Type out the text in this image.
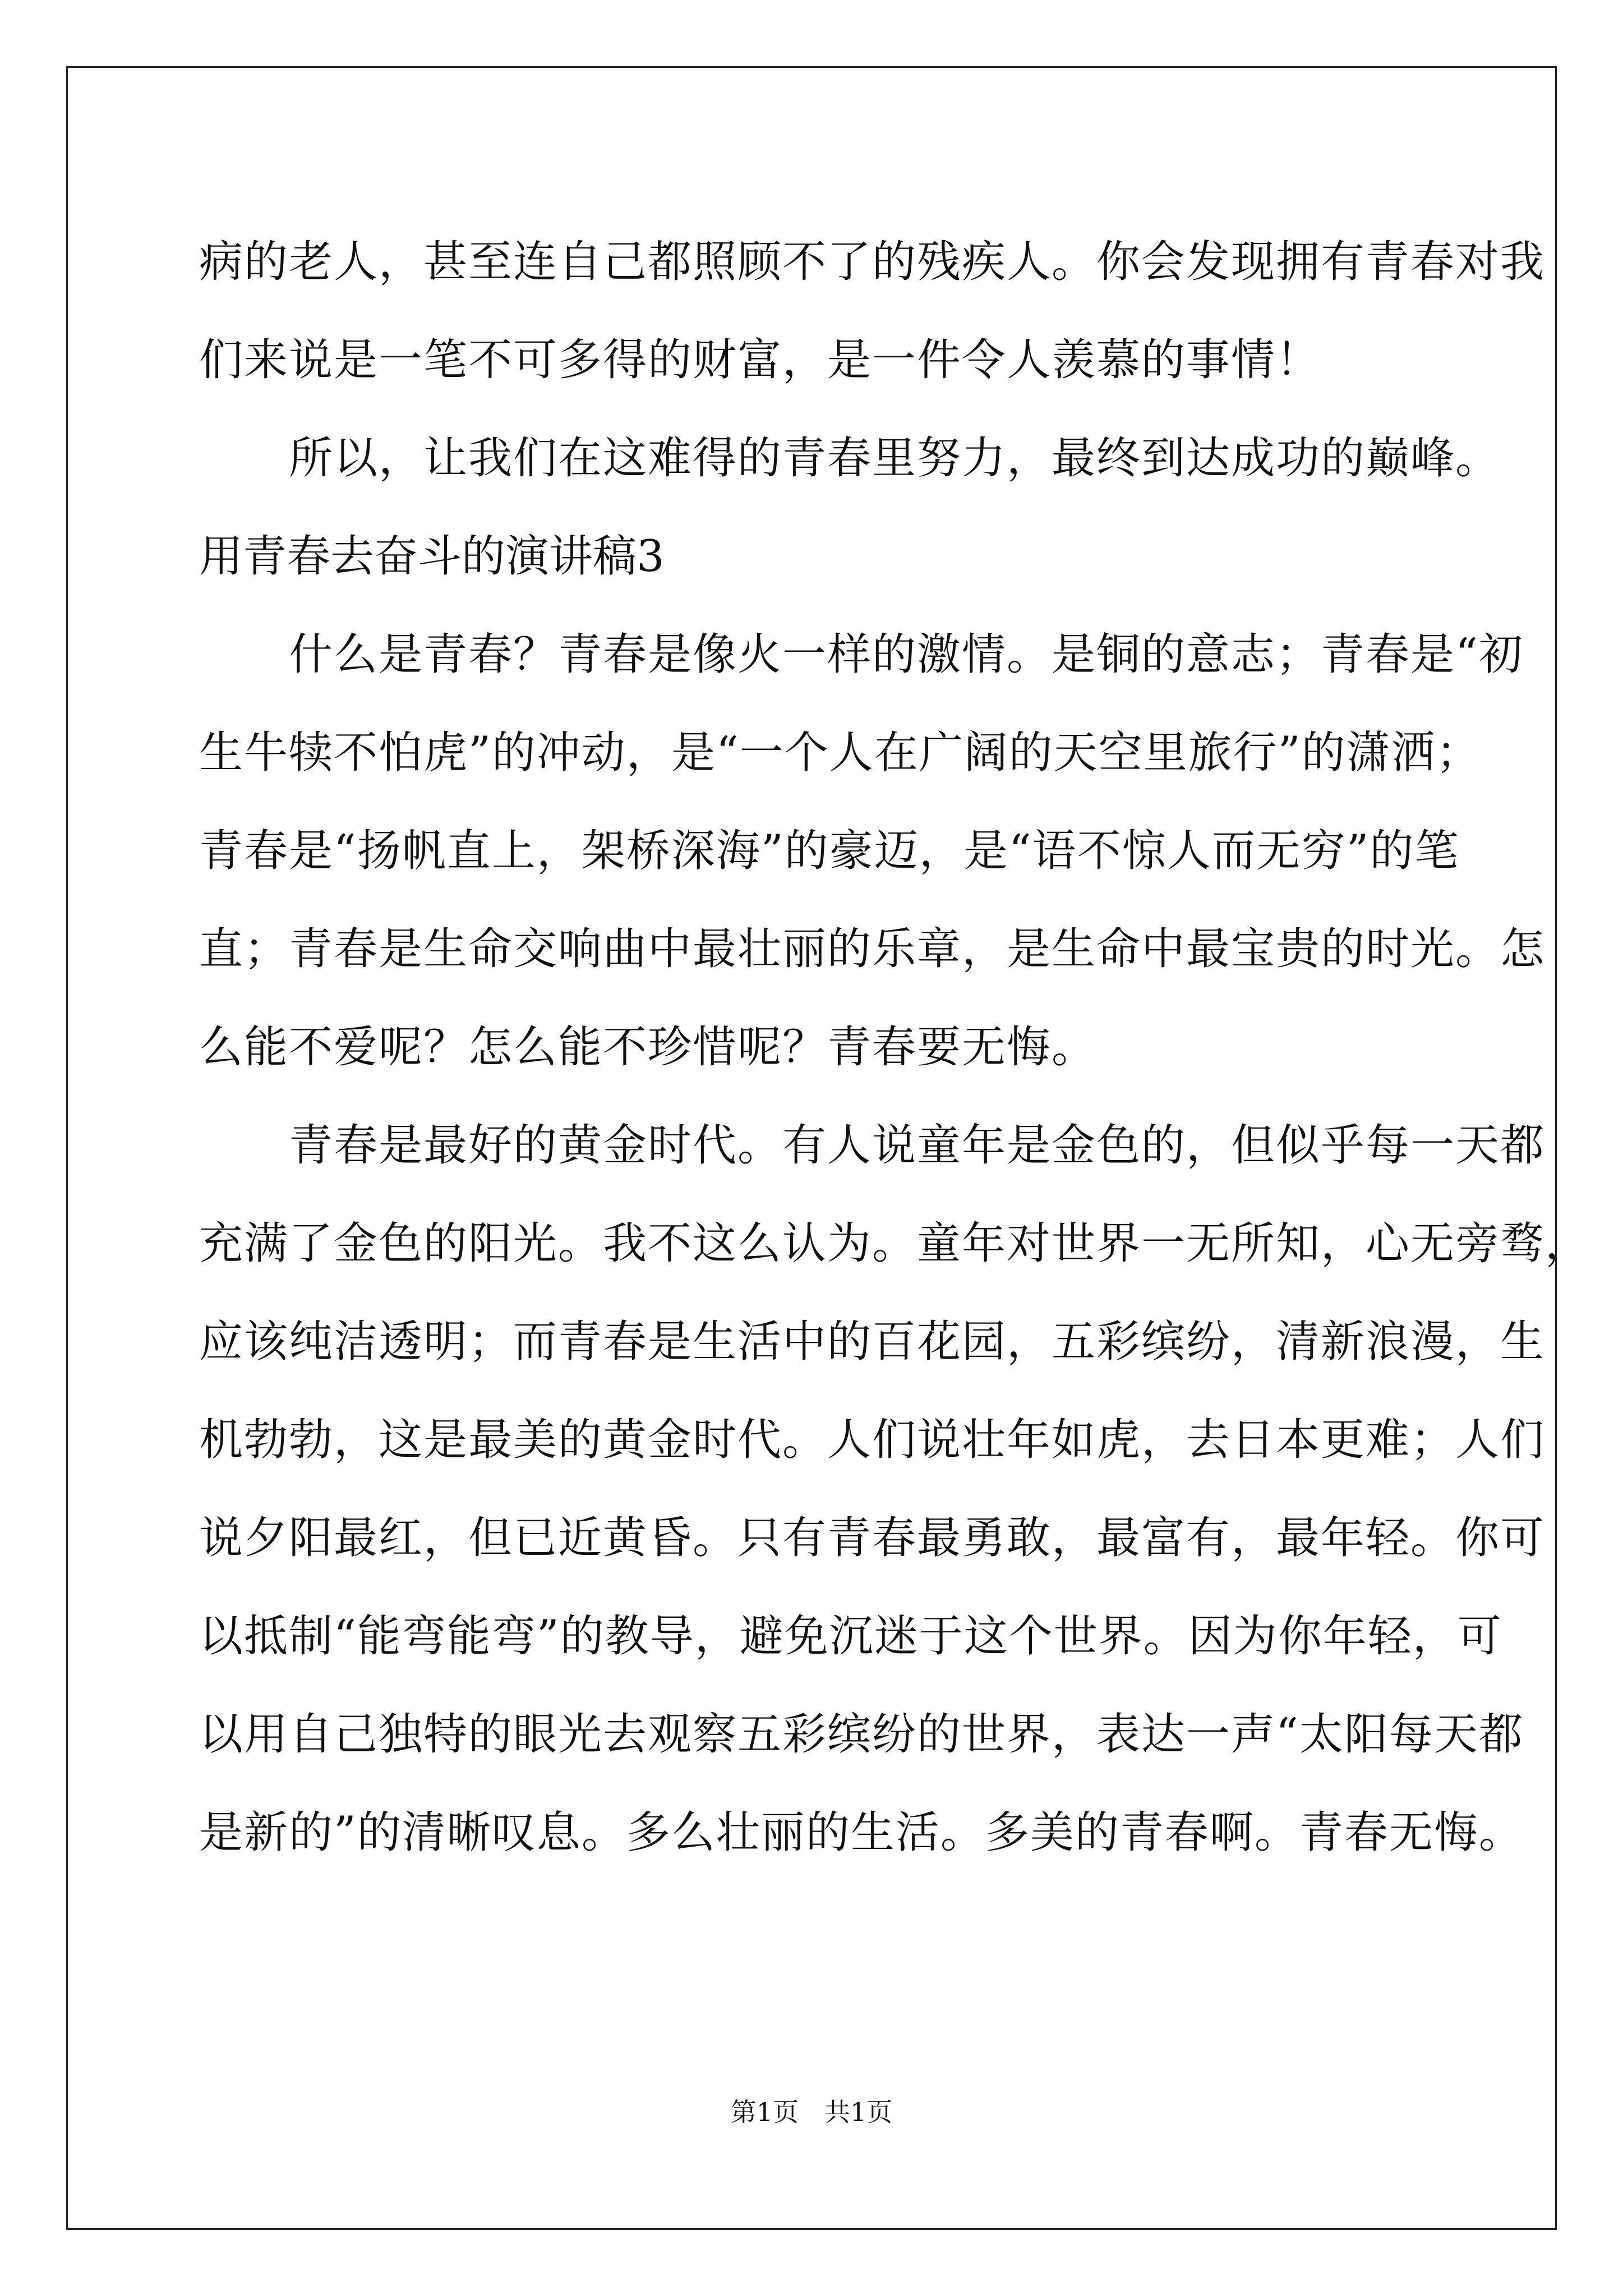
病的老人，甚至连自己都照顾不了的残疾人。你会发现拥有青春对我
们来说是一笔不可多得的财富，是一件令人羡慕的事情！
所以，让我们在这难得的青春里努力，最终到达成功的巅峰。
用青春去奋斗的演讲稿3
什么是青春？青春是像火一样的激情。是铜的意志；青春是“初
生牛犊不怕虎”的冲动，是“一个人在广阔的天空里旅行”的潇洒；
青春是“扬帆直上，架桥深海”的豪迈，是“语不惊人而无穷”的笔
直；青春是生命交响曲中最壮丽的乐章，是生命中最宝贵的时光。怎
么能不爱呢？怎么能不珍惜呢？青春要无悔。
青春是最好的黄金时代。有人说童年是金色的，但似乎每一天都
充满了金色的阳光。我不这么认为。童年对世界一无所知，心无旁骛，
应该纯洁透明；而青春是生活中的百花园，五彩缤纷，清新浪漫，生
机勃勃，这是最美的黄金时代。人们说壮年如虎，去日本更难；人们
说夕阳最红，但已近黄昏。只有青春最勇敢，最富有，最年轻。你可
以抵制“能弯能弯”的教导，避免沉迷于这个世界。因为你年轻，可
以用自己独特的眼光去观察五彩缤纷的世界，表达一声“太阳每天都
是新的”的清晰叹息。多么壮丽的生活。多美的青春啊。青春无悔。
第1页　共1页
